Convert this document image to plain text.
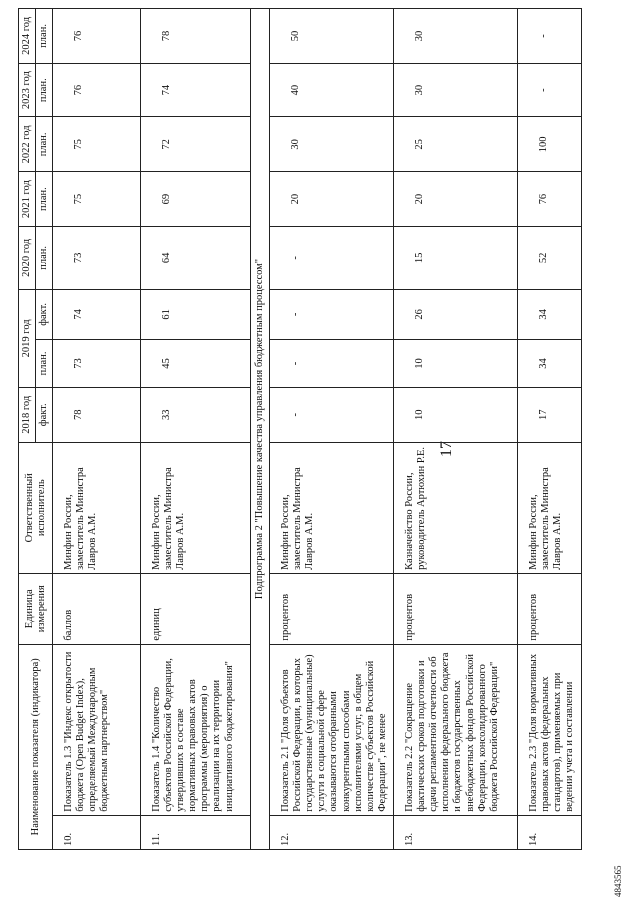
17
4843565
Наименование показателя (индикатора)		Единица измерения	Ответственный исполнитель	2018 год	2019 год		2020 год	2021 год	2022 год	2023 год	2024 год
				факт.	план.	факт.	план.	план.	план.	план.	план.
10.	Показатель 1.3 "Индекс открытости бюджета (Open Budget Index), определяемый Международным бюджетным партнерством"	баллов	Минфин России, заместитель Министра Лавров А.М.	78	73	74	73	75	75	76	76
11.	Показатель 1.4 "Количество субъектов Российской Федерации, утвердивших в составе нормативных правовых актов программы (мероприятия) о реализации на их территории инициативного бюджетирования"	единиц	Минфин России, заместитель Министра Лавров А.М.	33	45	61	64	69	72	74	78
Подпрограмма 2 "Повышение качества управления бюджетным процессом"											
12.	Показатель 2.1 "Доля субъектов Российской Федерации, в которых государственные (муниципальные) услуги в социальной сфере оказываются отобранными конкурентными способами исполнителями услуг, в общем количестве субъектов Российской Федерации", не менее	процентов	Минфин России, заместитель Министра Лавров А.М.	-	-	-	-	20	30	40	50
13.	Показатель 2.2 "Сокращение фактических сроков подготовки и сдачи регламентной отчетности об исполнении федерального бюджета и бюджетов государственных внебюджетных фондов Российской Федерации, консолидированного бюджета Российской Федерации"	процентов	Казначейство России, руководитель Артюхин Р.Е.	10	10	26	15	20	25	30	30
14.	Показатель 2.3 "Доля нормативных правовых актов (федеральных стандартов), применяемых при ведении учета и составлении	процентов	Минфин России, заместитель Министра Лавров А.М.	17	34	34	52	76	100	-	-
